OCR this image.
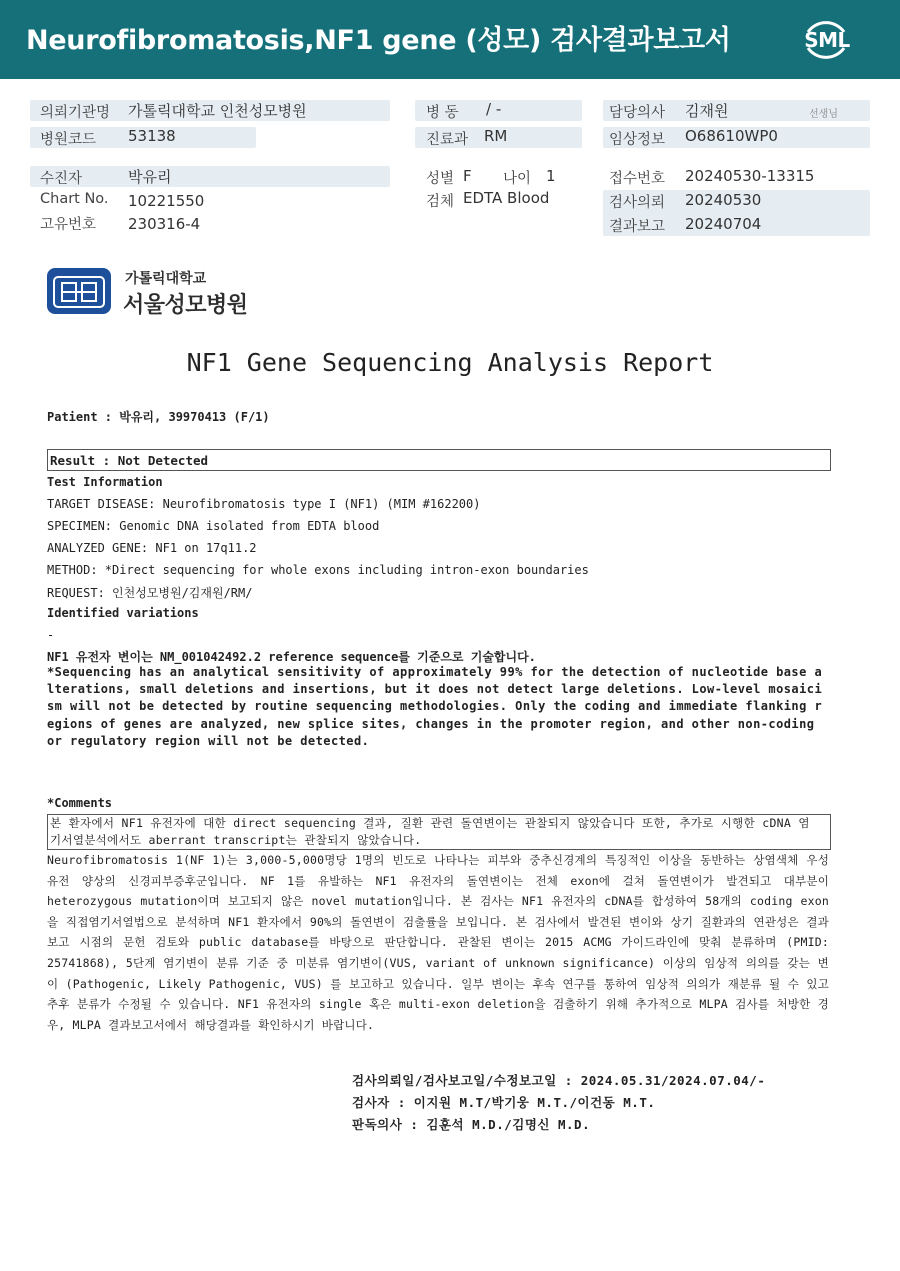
Neurofibromatosis,NF1 gene (성모) 검사결과보고서	SML
의뢰기관명 가톨릭대학교 인천성모병원
병원코드 53138
병 동 / -
진료과 RM
담당의사 김재원	선생님
임상정보 O68610WP0
수진자	박유리
Chart No. 10221550
고유번호 230316-4
성별 F 나이 1
검체 EDTA Blood
접수번호 20240530-13315
검사의뢰 20240530
결과보고 20240704
가톨릭대학교
서울성모병원
NF1 Gene Sequencing Analysis Report
Patient : 박유리, 39970413 (F/1)
Result : Not Detected
Test Information
TARGET DISEASE: Neurofibromatosis type I (NF1) (MIM #162200)
SPECIMEN: Genomic DNA isolated from EDTA blood
ANALYZED GENE: NF1 on 17q11.2
METHOD: *Direct sequencing for whole exons including intron-exon boundaries
REQUEST: 인천성모병원/김재원/RM/
Identified variations
-
NF1 유전자 변이는 NM_001042492.2 reference sequence를 기준으로 기술합니다.
*Sequencing has an analytical sensitivity of approximately 99% for the detection of nucleotide base alterations, small deletions and insertions, but it does not detect large deletions. Low-level mosaicism will not be detected by routine sequencing methodologies. Only the coding and immediate flanking regions of genes are analyzed, new splice sites, changes in the promoter region, and other non-coding or regulatory region will not be detected.
*Comments
본 환자에서 NF1 유전자에 대한 direct sequencing 결과, 질환 관련 돌연변이는 관찰되지 않았습니다 또한, 추가로 시행한 cDNA 염기서열분석에서도 aberrant transcript는 관찰되지 않았습니다.
Neurofibromatosis 1(NF 1)는 3,000-5,000명당 1명의 빈도로 나타나는 피부와 중추신경계의 특징적인 이상을 동반하는 상염색체 우성유전 양상의 신경피부증후군입니다. NF 1를 유발하는 NF1 유전자의 돌연변이는 전체 exon에 걸쳐 돌연변이가 발견되고 대부분이 heterozygous mutation이며 보고되지 않은 novel mutation입니다. 본 검사는 NF1 유전자의 cDNA를 합성하여 58개의 coding exon을 직접염기서열법으로 분석하며 NF1 환자에서 90%의 돌연변이 검출률을 보입니다. 본 검사에서 발견된 변이와 상기 질환과의 연관성은 결과 보고 시점의 문헌 검토와 public database를 바탕으로 판단합니다. 관찰된 변이는 2015 ACMG 가이드라인에 맞춰 분류하며 (PMID: 25741868), 5단계 염기변이 분류 기준 중 미분류 염기변이(VUS, variant of unknown significance) 이상의 임상적 의의를 갖는 변이 (Pathogenic, Likely Pathogenic, VUS) 를 보고하고 있습니다. 일부 변이는 후속 연구를 통하여 임상적 의의가 재분류 될 수 있고 추후 분류가 수정될 수 있습니다. NF1 유전자의 single 혹은 multi-exon deletion을 검출하기 위해 추가적으로 MLPA 검사를 처방한 경우, MLPA 결과보고서에서 해당결과를 확인하시기 바랍니다.
검사의뢰일/검사보고일/수정보고일 : 2024.05.31/2024.07.04/-
검사자 : 이지원 M.T/박기웅 M.T./이건동 M.T.
판독의사 : 김훈석 M.D./김명신 M.D.
